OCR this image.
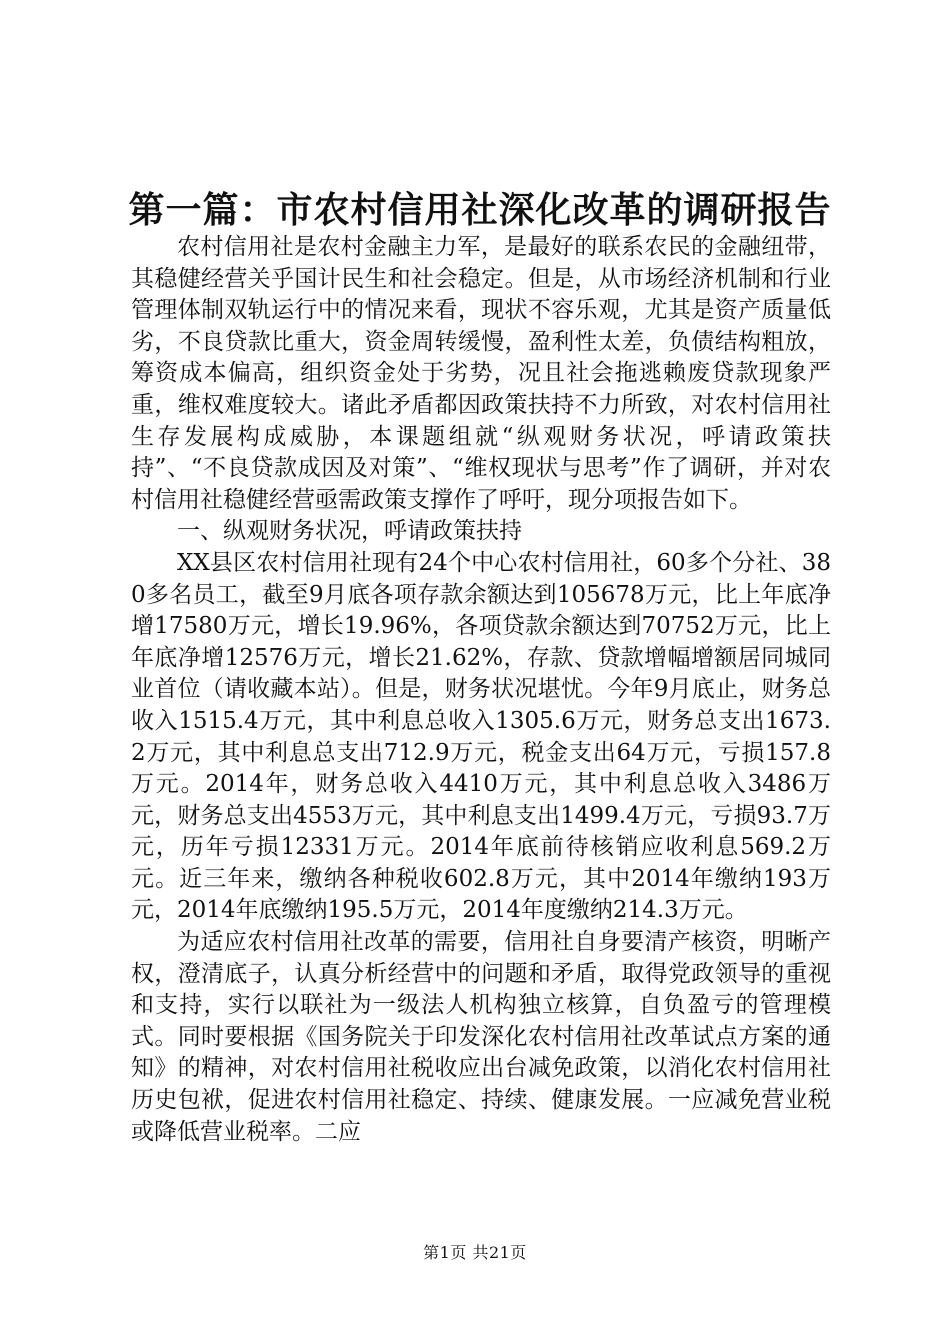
第一篇：市农村信用社深化改革的调研报告

农村信用社是农村金融主力军，是最好的联系农民的金融纽带，其稳健经营关乎国计民生和社会稳定。但是，从市场经济机制和行业管理体制双轨运行中的情况来看，现状不容乐观，尤其是资产质量低劣，不良贷款比重大，资金周转缓慢，盈利性太差，负债结构粗放，筹资成本偏高，组织资金处于劣势，况且社会拖逃赖废贷款现象严重，维权难度较大。诸此矛盾都因政策扶持不力所致，对农村信用社生存发展构成威胁，本课题组就“纵观财务状况，呼请政策扶持”、“不良贷款成因及对策”、“维权现状与思考”作了调研，并对农村信用社稳健经营亟需政策支撑作了呼吁，现分项报告如下。

一、纵观财务状况，呼请政策扶持

XX县区农村信用社现有24个中心农村信用社，60多个分社、380多名员工，截至9月底各项存款余额达到105678万元，比上年底净增17580万元，增长19.96%，各项贷款余额达到70752万元，比上年底净增12576万元，增长21.62%，存款、贷款增幅增额居同城同业首位（请收藏本站）。但是，财务状况堪忧。今年9月底止，财务总收入1515.4万元，其中利息总收入1305.6万元，财务总支出1673.2万元，其中利息总支出712.9万元，税金支出64万元，亏损157.8万元。2014年，财务总收入4410万元，其中利息总收入3486万元，财务总支出4553万元，其中利息支出1499.4万元，亏损93.7万元，历年亏损12331万元。2014年底前待核销应收利息569.2万元。近三年来，缴纳各种税收602.8万元，其中2014年缴纳193万元，2014年底缴纳195.5万元，2014年度缴纳214.3万元。

为适应农村信用社改革的需要，信用社自身要清产核资，明晰产权，澄清底子，认真分析经营中的问题和矛盾，取得党政领导的重视和支持，实行以联社为一级法人机构独立核算，自负盈亏的管理模式。同时要根据《国务院关于印发深化农村信用社改革试点方案的通知》的精神，对农村信用社税收应出台减免政策，以消化农村信用社历史包袱，促进农村信用社稳定、持续、健康发展。一应减免营业税或降低营业税率。二应

第1页 共21页
